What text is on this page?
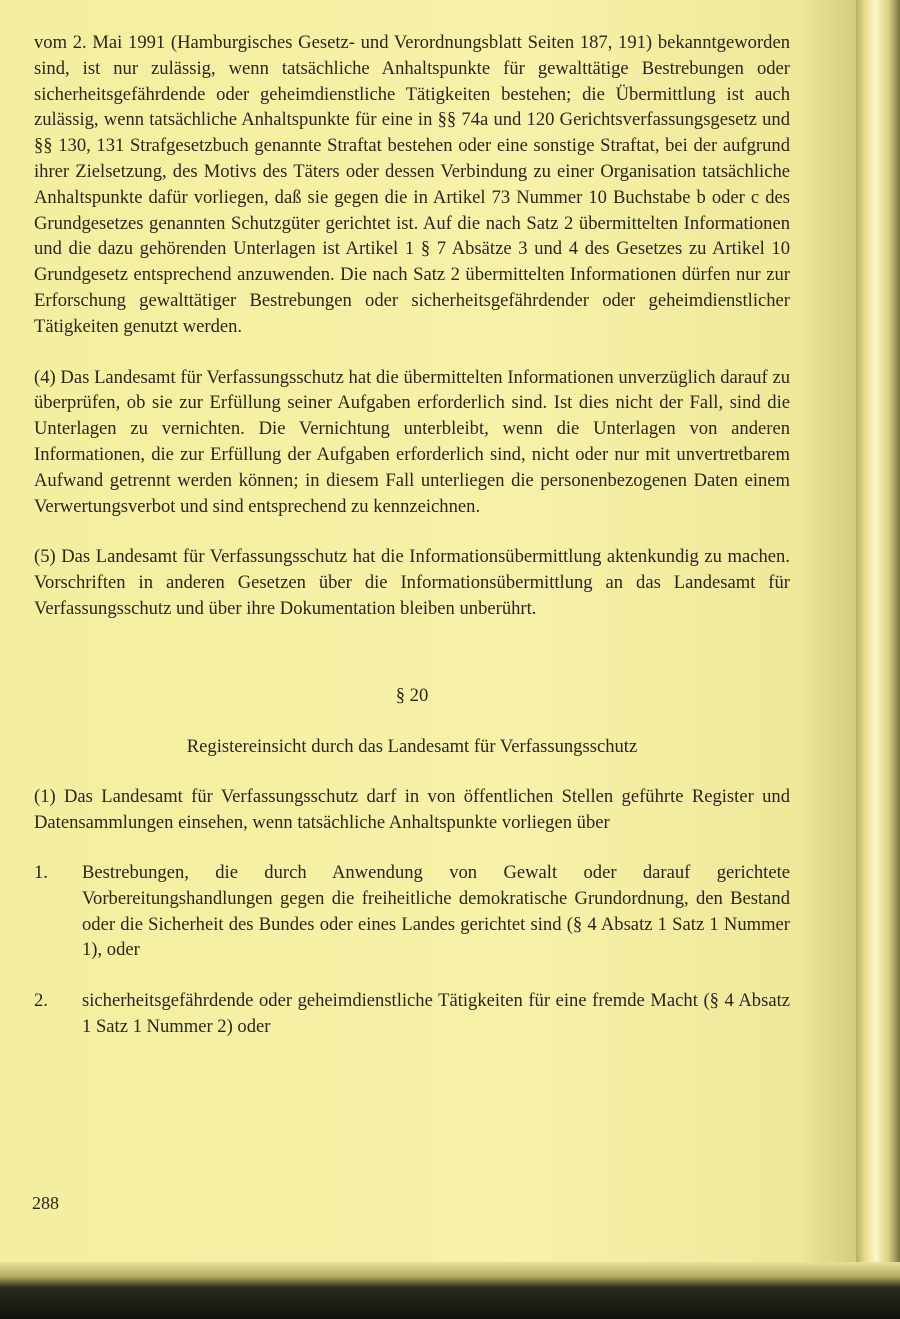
vom 2. Mai 1991 (Hamburgisches Gesetz- und Verordnungsblatt Seiten 187, 191) bekanntgeworden sind, ist nur zulässig, wenn tatsächliche Anhaltspunkte für gewalttätige Bestrebungen oder sicherheitsgefährdende oder geheimdienstliche Tätigkeiten bestehen; die Übermittlung ist auch zulässig, wenn tatsächliche Anhaltspunkte für eine in §§ 74a und 120 Gerichtsverfassungsgesetz und §§ 130, 131 Strafgesetzbuch genannte Straftat bestehen oder eine sonstige Straftat, bei der aufgrund ihrer Zielsetzung, des Motivs des Täters oder dessen Verbindung zu einer Organisation tatsächliche Anhaltspunkte dafür vorliegen, daß sie gegen die in Artikel 73 Nummer 10 Buchstabe b oder c des Grundgesetzes genannten Schutzgüter gerichtet ist. Auf die nach Satz 2 übermittelten Informationen und die dazu gehörenden Unterlagen ist Artikel 1 § 7 Absätze 3 und 4 des Gesetzes zu Artikel 10 Grundgesetz entsprechend anzuwenden. Die nach Satz 2 übermittelten Informationen dürfen nur zur Erforschung gewalttätiger Bestrebungen oder sicherheitsgefährdender oder geheimdienstlicher Tätigkeiten genutzt werden.

(4) Das Landesamt für Verfassungsschutz hat die übermittelten Informationen unverzüglich darauf zu überprüfen, ob sie zur Erfüllung seiner Aufgaben erforderlich sind. Ist dies nicht der Fall, sind die Unterlagen zu vernichten. Die Vernichtung unterbleibt, wenn die Unterlagen von anderen Informationen, die zur Erfüllung der Aufgaben erforderlich sind, nicht oder nur mit unvertretbarem Aufwand getrennt werden können; in diesem Fall unterliegen die personenbezogenen Daten einem Verwertungsverbot und sind entsprechend zu kennzeichnen.

(5) Das Landesamt für Verfassungsschutz hat die Informationsübermittlung aktenkundig zu machen. Vorschriften in anderen Gesetzen über die Informationsübermittlung an das Landesamt für Verfassungsschutz und über ihre Dokumentation bleiben unberührt.

§ 20

Registereinsicht durch das Landesamt für Verfassungsschutz

(1) Das Landesamt für Verfassungsschutz darf in von öffentlichen Stellen geführte Register und Datensammlungen einsehen, wenn tatsächliche Anhaltspunkte vorliegen über

1. Bestrebungen, die durch Anwendung von Gewalt oder darauf gerichtete Vorbereitungshandlungen gegen die freiheitliche demokratische Grundordnung, den Bestand oder die Sicherheit des Bundes oder eines Landes gerichtet sind (§ 4 Absatz 1 Satz 1 Nummer 1), oder
2. sicherheitsgefährdende oder geheimdienstliche Tätigkeiten für eine fremde Macht (§ 4 Absatz 1 Satz 1 Nummer 2) oder
288
